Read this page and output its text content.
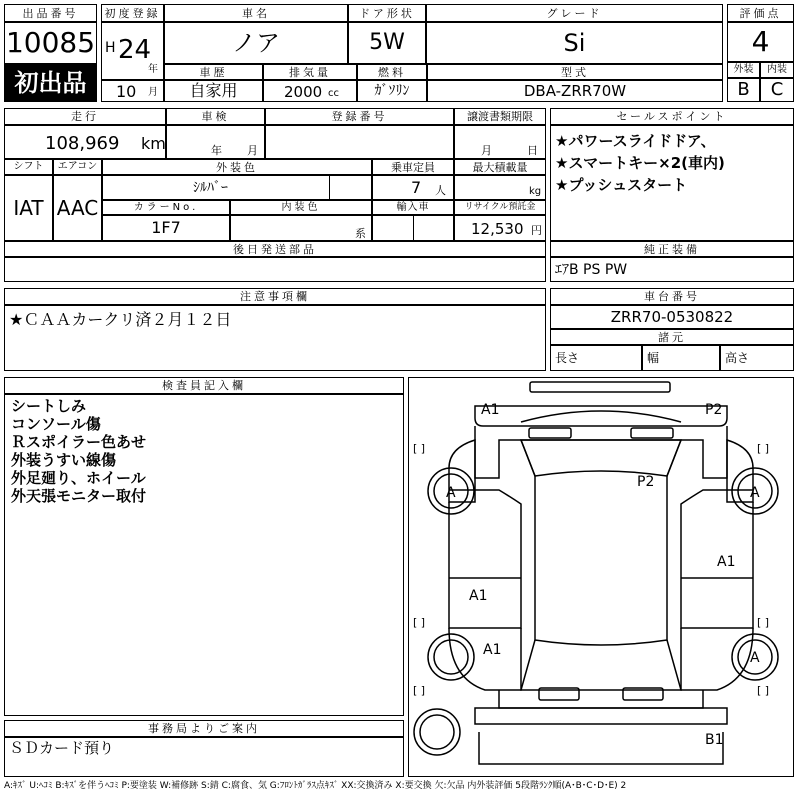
出品番号
10085
初出品
初度登録
H 24
年
10 月
車名
ノア
ドア形状
5W
グレード
Si
評価点
4
外装	内装
B	C
車歴
自家用
排気量
2000 cc
燃料
ｶﾞｿﾘﾝ
型式
DBA-ZRR70W
走行
108,969 km
車検
年 月
登録番号	譲渡書類期限
月	日
シフト
IAT
エアコン
AAC
外装色
ｼﾙﾊﾞｰ
乗車定員
7 人
最大積載量
kg
カラーNo.
1F7
内装色
系
輸入車	リサイクル預託金
12,530 円
後日発送部品
セールスポイント
★パワースライドドア、
★スマートキー×2(車内)
★プッシュスタート
純正装備
ｴｱB PS PW
注意事項欄
★ＣＡＡカークリ済２月１２日
車台番号
ZRR70-0530822
諸元
長さ	幅	高さ
検査員記入欄
シートしみ
コンソール傷
Ｒスポイラー色あせ
外装うすい線傷
外足廻り、ホイール
外天張モニター取付
事務局よりご案内
ＳＤカード預り
A1	P2
P2
A1
A1
A1
A	A
A
B1
[ ]	[ ]
[ ]	[ ]
[ ]	[ ]
A:ｷｽﾞ U:ﾍｺﾐ B:ｷｽﾞを伴うﾍｺﾐ P:要塗装 W:補修跡 S:錆 C:腐食、気 G:ﾌﾛﾝﾄｶﾞﾗｽ点ｷｽﾞ XX:交換済み X:要交換 欠:欠品 内外装評価 5段階ﾗﾝｸ順(A･B･C･D･E) 2
